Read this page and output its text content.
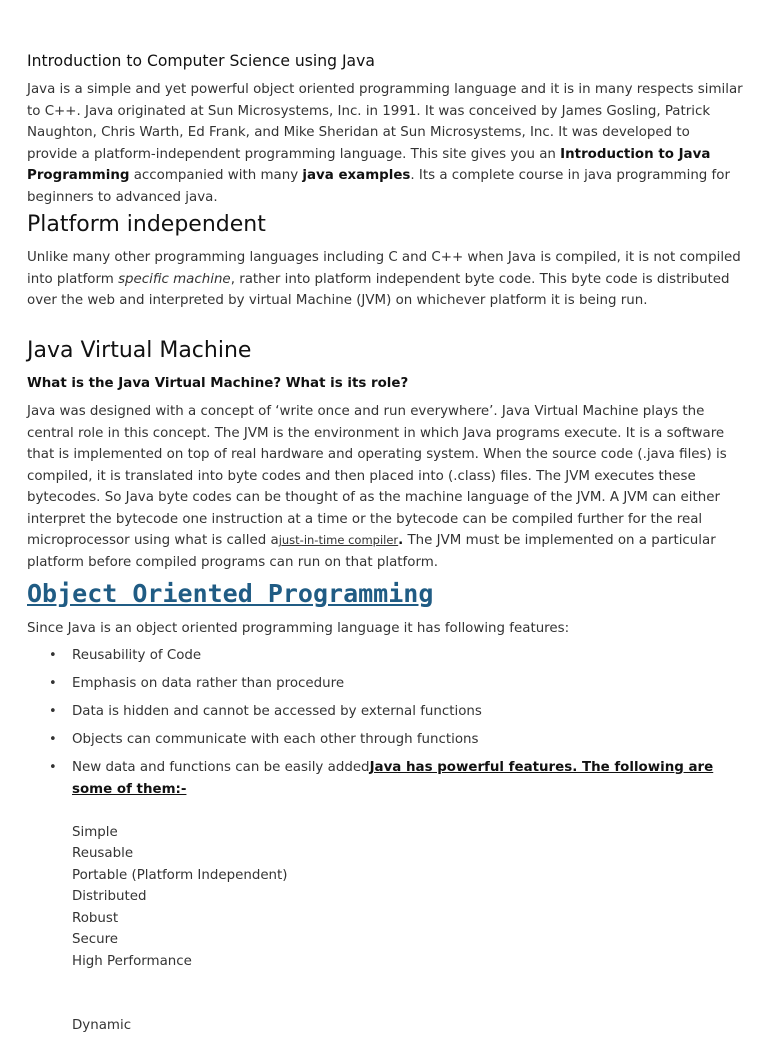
Introduction to Computer Science using Java

Java is a simple and yet powerful object oriented programming language and it is in many respects similar to C++. Java originated at Sun Microsystems, Inc. in 1991. It was conceived by James Gosling, Patrick Naughton, Chris Warth, Ed Frank, and Mike Sheridan at Sun Microsystems, Inc. It was developed to provide a platform-independent programming language. This site gives you an Introduction to Java Programming accompanied with many java examples. Its a complete course in java programming for beginners to advanced java.

Platform independent

Unlike many other programming languages including C and C++ when Java is compiled, it is not compiled into platform specific machine, rather into platform independent byte code. This byte code is distributed over the web and interpreted by virtual Machine (JVM) on whichever platform it is being run.

Java Virtual Machine
What is the Java Virtual Machine? What is its role?

Java was designed with a concept of ‘write once and run everywhere’. Java Virtual Machine plays the central role in this concept. The JVM is the environment in which Java programs execute. It is a software that is implemented on top of real hardware and operating system. When the source code (.java files) is compiled, it is translated into byte codes and then placed into (.class) files. The JVM executes these bytecodes. So Java byte codes can be thought of as the machine language of the JVM. A JVM can either interpret the bytecode one instruction at a time or the bytecode can be compiled further for the real microprocessor using what is called ajust-in-time compiler. The JVM must be implemented on a particular platform before compiled programs can run on that platform.

Object Oriented Programming

Since Java is an object oriented programming language it has following features:

• Reusability of Code
• Emphasis on data rather than procedure
• Data is hidden and cannot be accessed by external functions
• Objects can communicate with each other through functions
• New data and functions can be easily addedJava has powerful features. The following are some of them:-
Simple
Reusable
Portable (Platform Independent)
Distributed
Robust
Secure
High Performance
Dynamic
